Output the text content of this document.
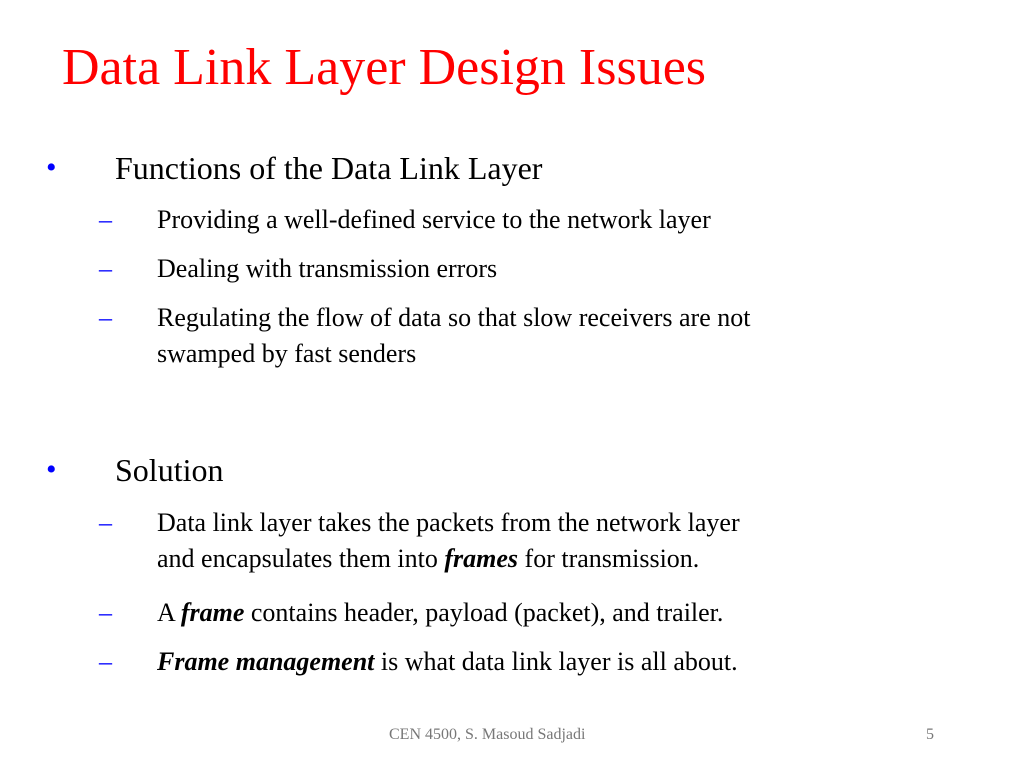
Data Link Layer Design Issues
• Functions of the Data Link Layer
– Providing a well-defined service to the network layer
– Dealing with transmission errors
– Regulating the flow of data so that slow receivers are not
swamped by fast senders
• Solution
– Data link layer takes the packets from the network layer
and encapsulates them into frames for transmission.
– A frame contains header, payload (packet), and trailer.
– Frame management is what data link layer is all about.
CEN 4500, S. Masoud Sadjadi	5
